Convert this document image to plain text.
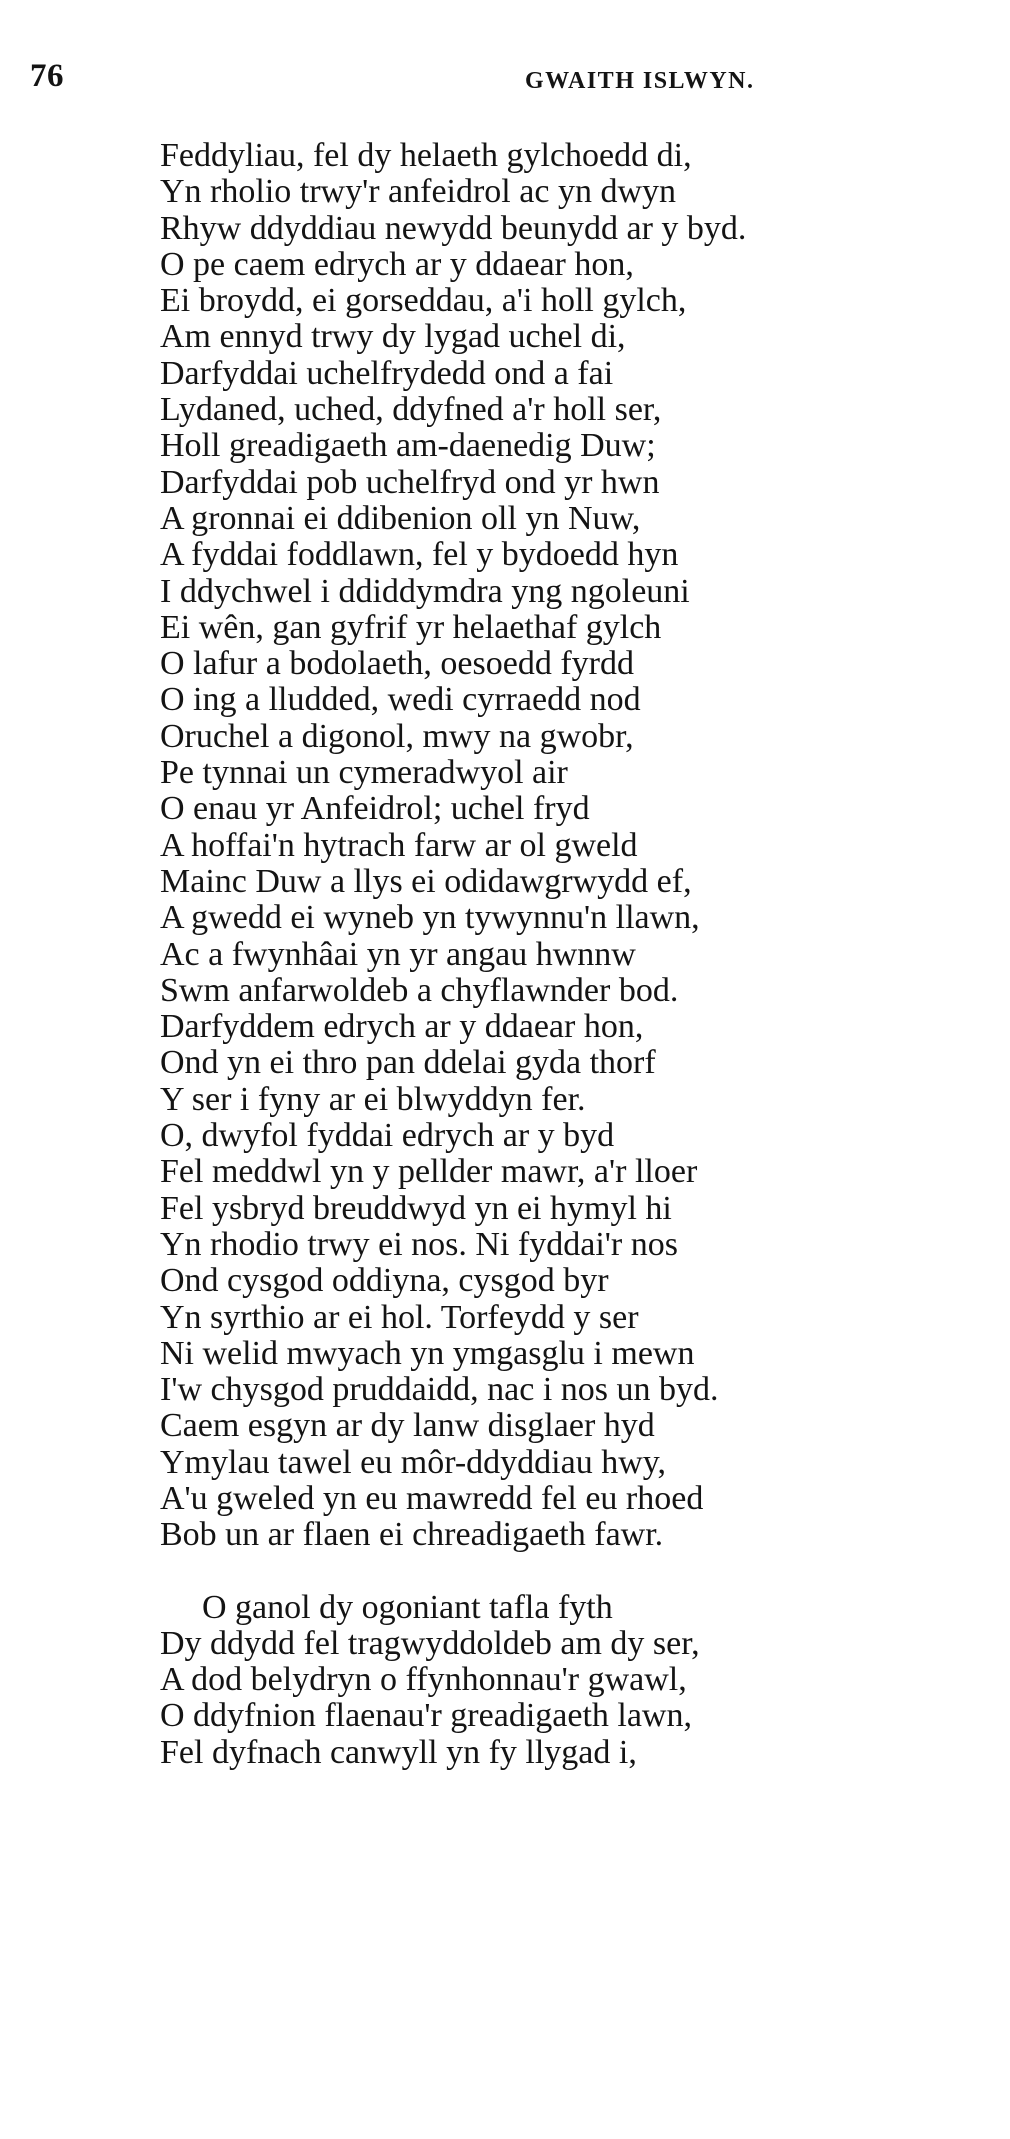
76	GWAITH ISLWYN.
Feddyliau, fel dy helaeth gylchoedd di,
Yn rholio trwy'r anfeidrol ac yn dwyn
Rhyw ddyddiau newydd beunydd ar y byd.
O pe caem edrych ar y ddaear hon,
Ei broydd, ei gorseddau, a'i holl gylch,
Am ennyd trwy dy lygad uchel di,
Darfyddai uchelfrydedd ond a fai
Lydaned, uched, ddyfned a'r holl ser,
Holl greadigaeth am-daenedig Duw;
Darfyddai pob uchelfryd ond yr hwn
A gronnai ei ddibenion oll yn Nuw,
A fyddai foddlawn, fel y bydoedd hyn
I ddychwel i ddiddymdra yng ngoleuni
Ei wên, gan gyfrif yr helaethaf gylch
O lafur a bodolaeth, oesoedd fyrdd
O ing a lludded, wedi cyrraedd nod
Oruchel a digonol, mwy na gwobr,
Pe tynnai un cymeradwyol air
O enau yr Anfeidrol; uchel fryd
A hoffai'n hytrach farw ar ol gweld
Mainc Duw a llys ei odidawgrwydd ef,
A gwedd ei wyneb yn tywynnu'n llawn,
Ac a fwynhâai yn yr angau hwnnw
Swm anfarwoldeb a chyflawnder bod.
Darfyddem edrych ar y ddaear hon,
Ond yn ei thro pan ddelai gyda thorf
Y ser i fyny ar ei blwyddyn fer.
O, dwyfol fyddai edrych ar y byd
Fel meddwl yn y pellder mawr, a'r lloer
Fel ysbryd breuddwyd yn ei hymyl hi
Yn rhodio trwy ei nos. Ni fyddai'r nos
Ond cysgod oddiyna, cysgod byr
Yn syrthio ar ei hol. Torfeydd y ser
Ni welid mwyach yn ymgasglu i mewn
I'w chysgod pruddaidd, nac i nos un byd.
Caem esgyn ar dy lanw disglaer hyd
Ymylau tawel eu môr-ddyddiau hwy,
A'u gweled yn eu mawredd fel eu rhoed
Bob un ar flaen ei chreadigaeth fawr.
O ganol dy ogoniant tafla fyth
Dy ddydd fel tragwyddoldeb am dy ser,
A dod belydryn o ffynhonnau'r gwawl,
O ddyfnion flaenau'r greadigaeth lawn,
Fel dyfnach canwyll yn fy llygad i,
